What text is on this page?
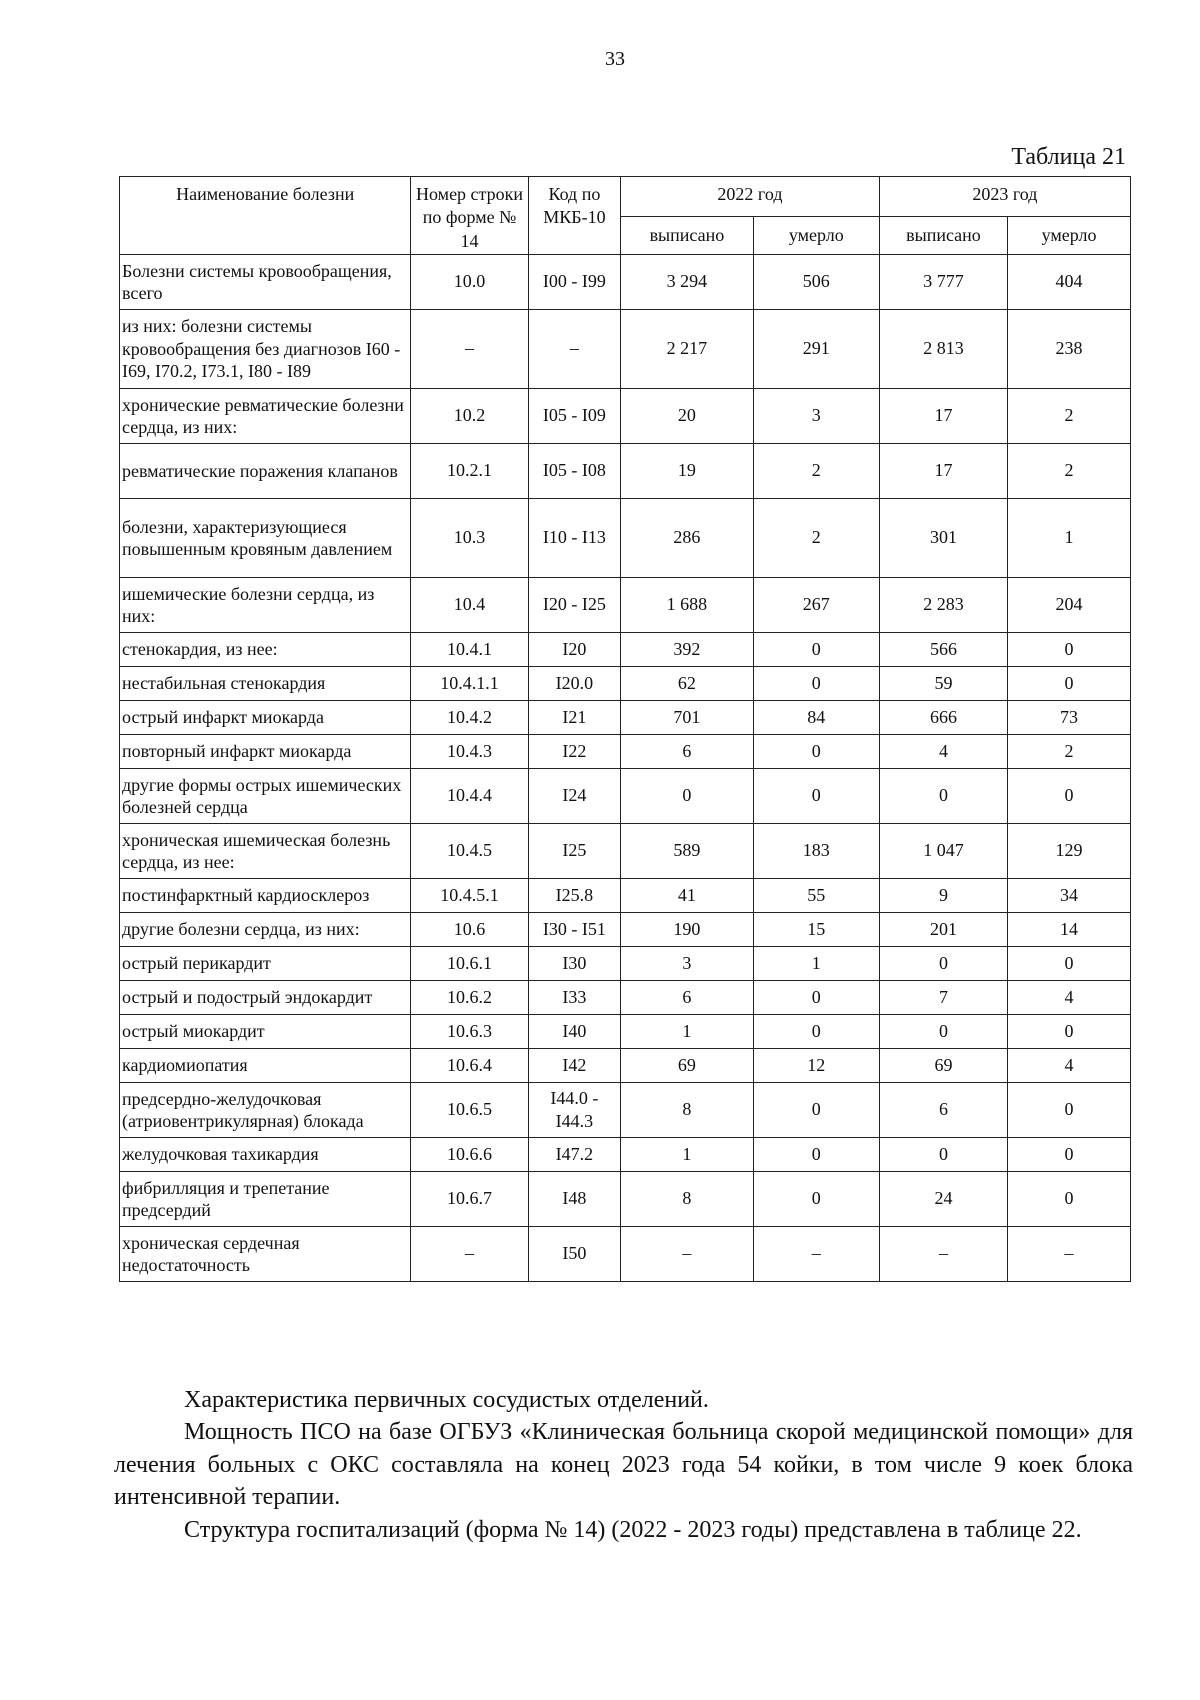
33
Таблица 21
Наименование болезни	Номер строки по форме № 14	Код по МКБ-10	2022 год		2023 год	
			выписано	умерло	выписано	умерло
Болезни системы кровообращения, всего	10.0	I00 - I99	3 294	506	3 777	404
из них: болезни системы кровообращения без диагнозов I60 - I69, I70.2, I73.1, I80 - I89	–	–	2 217	291	2 813	238
хронические ревматические болезни сердца, из них:	10.2	I05 - I09	20	3	17	2
ревматические поражения клапанов	10.2.1	I05 - I08	19	2	17	2
болезни, характеризующиеся повышенным кровяным давлением	10.3	I10 - I13	286	2	301	1
ишемические болезни сердца, из них:	10.4	I20 - I25	1 688	267	2 283	204
стенокардия, из нее:	10.4.1	I20	392	0	566	0
нестабильная стенокардия	10.4.1.1	I20.0	62	0	59	0
острый инфаркт миокарда	10.4.2	I21	701	84	666	73
повторный инфаркт миокарда	10.4.3	I22	6	0	4	2
другие формы острых ишемических болезней сердца	10.4.4	I24	0	0	0	0
хроническая ишемическая болезнь сердца, из нее:	10.4.5	I25	589	183	1 047	129
постинфарктный кардиосклероз	10.4.5.1	I25.8	41	55	9	34
другие болезни сердца, из них:	10.6	I30 - I51	190	15	201	14
острый перикардит	10.6.1	I30	3	1	0	0
острый и подострый эндокардит	10.6.2	I33	6	0	7	4
острый миокардит	10.6.3	I40	1	0	0	0
кардиомиопатия	10.6.4	I42	69	12	69	4
предсердно-желудочковая (атриовентрикулярная) блокада	10.6.5	I44.0 - I44.3	8	0	6	0
желудочковая тахикардия	10.6.6	I47.2	1	0	0	0
фибрилляция и трепетание предсердий	10.6.7	I48	8	0	24	0
хроническая сердечная недостаточность	–	I50	–	–	–	–

Характеристика первичных сосудистых отделений.

Мощность ПСО на базе ОГБУЗ «Клиническая больница скорой медицинской помощи» для лечения больных с ОКС составляла на конец 2023 года 54 койки, в том числе 9 коек блока интенсивной терапии.

Структура госпитализаций (форма № 14) (2022 - 2023 годы) представлена в таблице 22.
